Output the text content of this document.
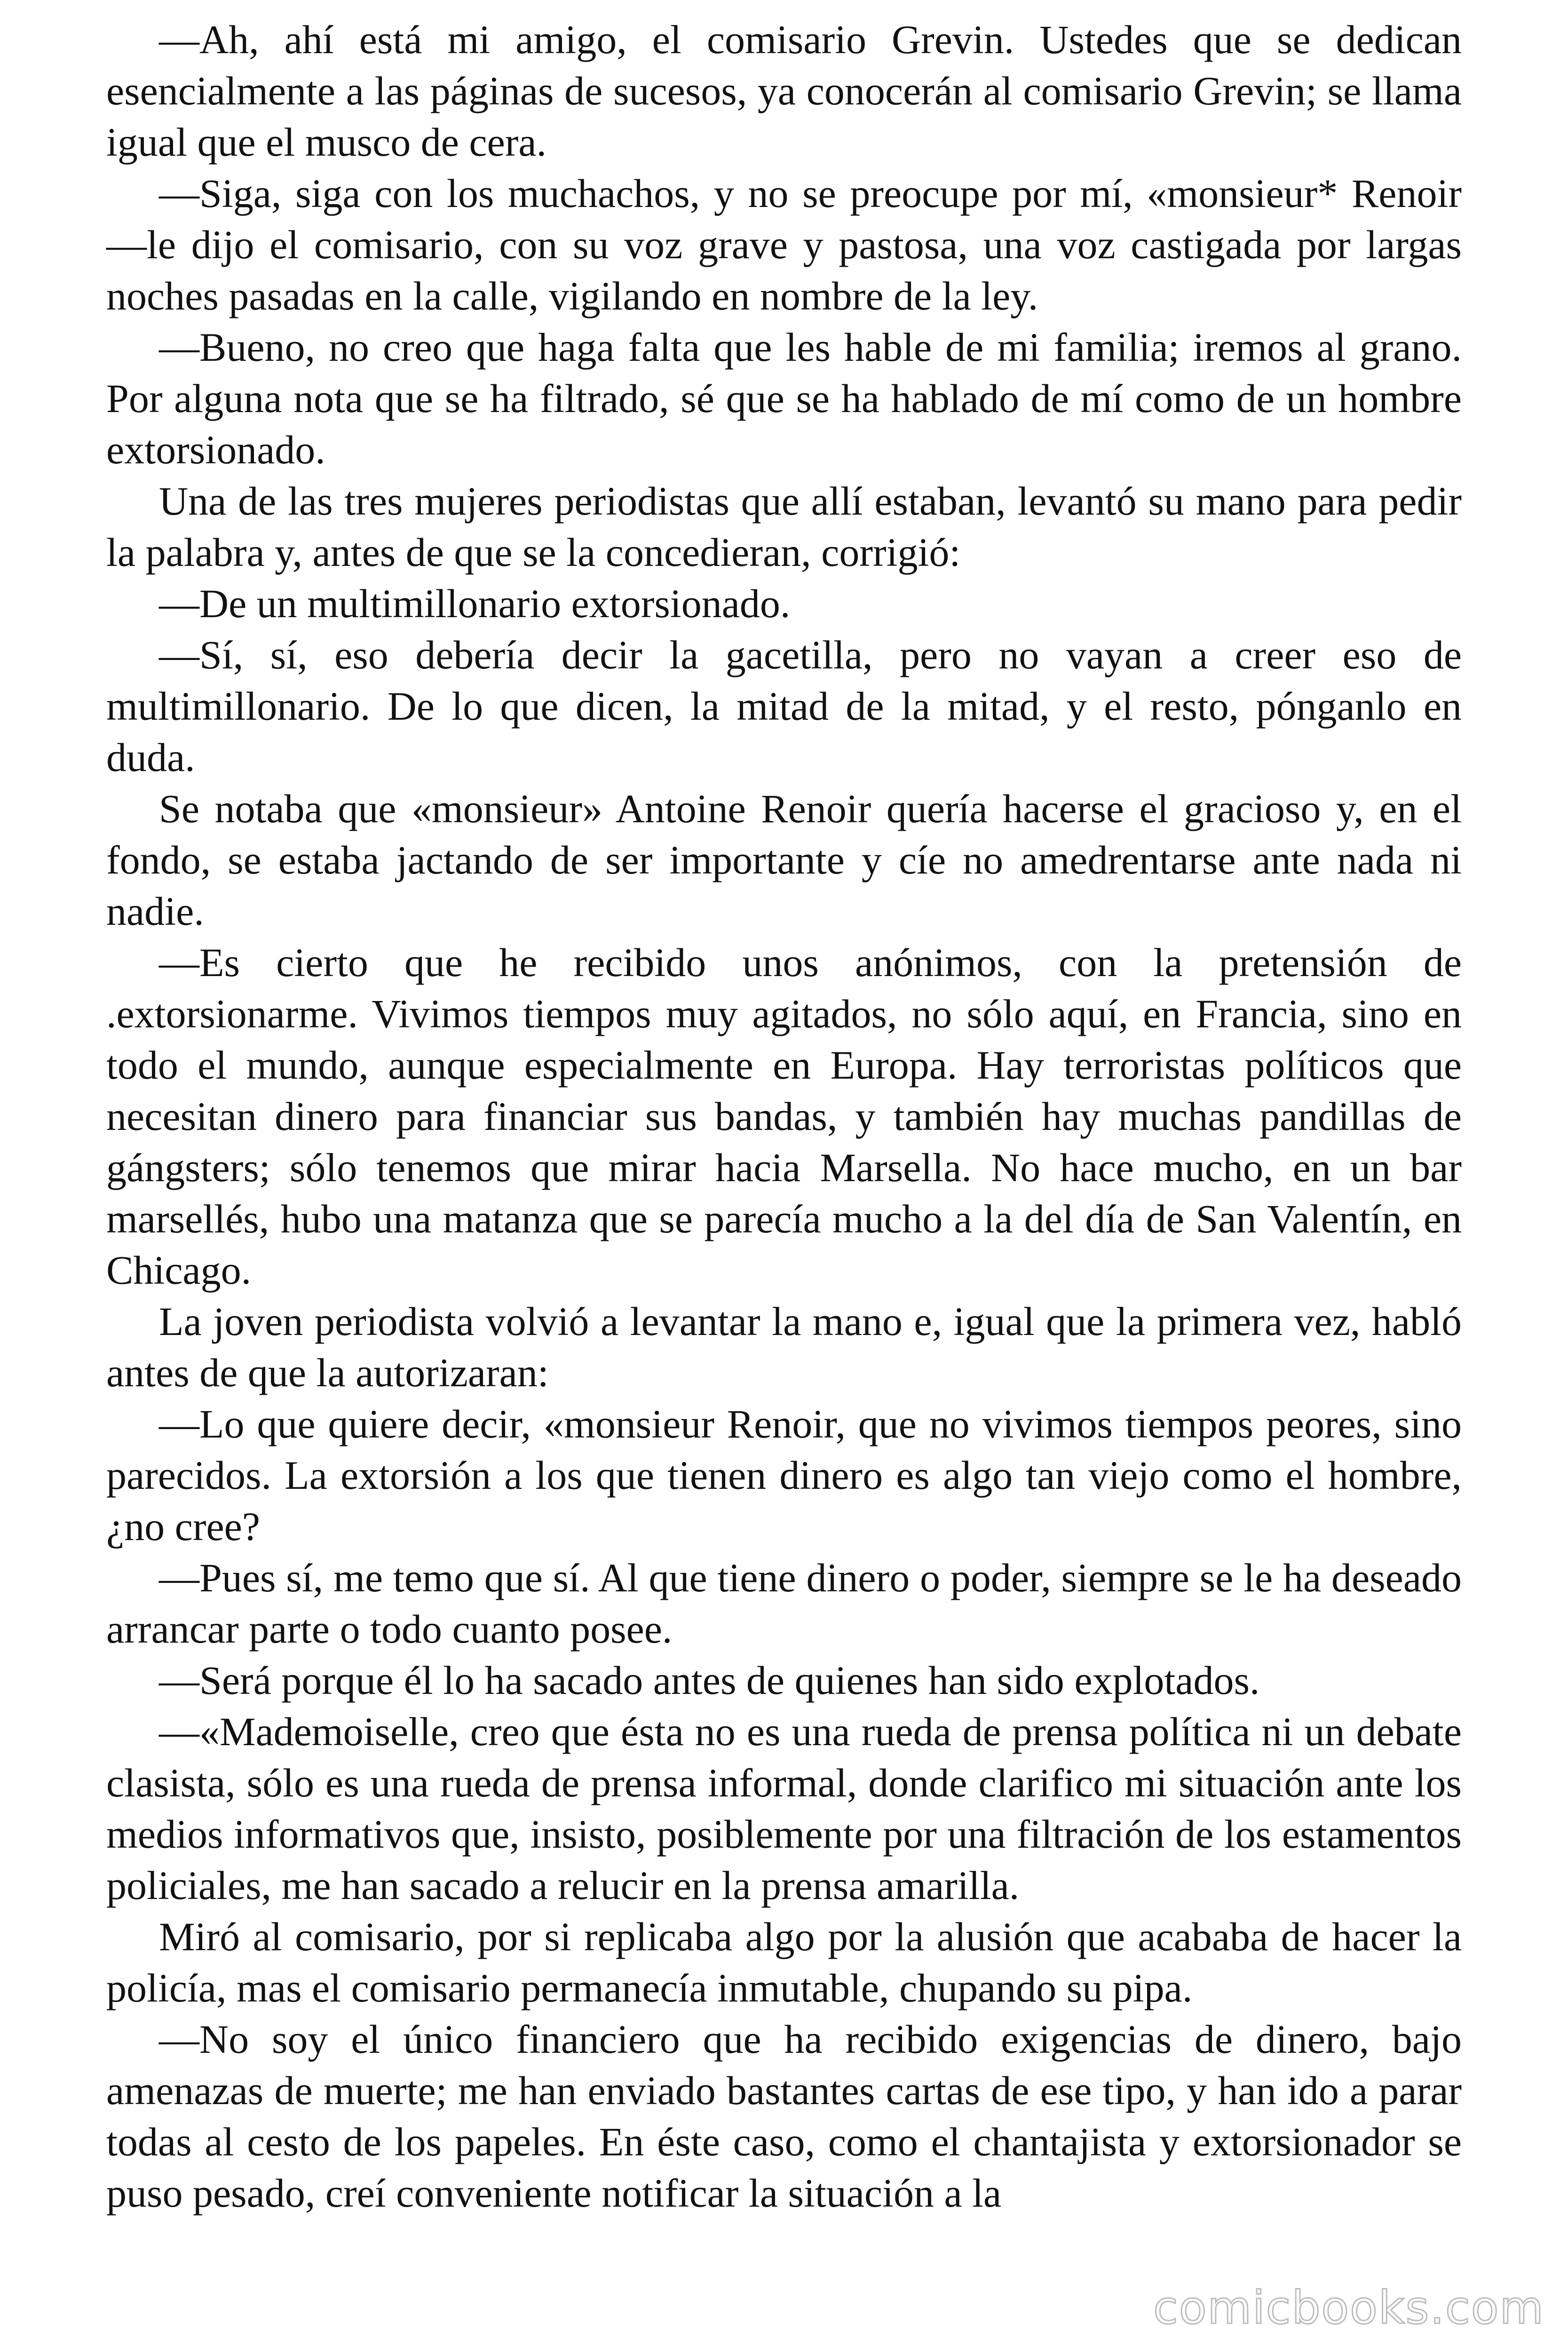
—Ah, ahí está mi amigo, el comisario Grevin. Ustedes que se dedican esencialmente a las páginas de sucesos, ya conocerán al comisario Grevin; se llama igual que el musco de cera.

—Siga, siga con los muchachos, y no se preocupe por mí, «monsieur* Renoir —le dijo el comisario, con su voz grave y pastosa, una voz castigada por largas noches pasadas en la calle, vigilando en nombre de la ley.

—Bueno, no creo que haga falta que les hable de mi familia; iremos al grano. Por alguna nota que se ha filtrado, sé que se ha hablado de mí como de un hombre extorsionado.

Una de las tres mujeres periodistas que allí estaban, levantó su mano para pedir la palabra y, antes de que se la concedieran, corrigió:

—De un multimillonario extorsionado.

—Sí, sí, eso debería decir la gacetilla, pero no vayan a creer eso de multimillonario. De lo que dicen, la mitad de la mitad, y el resto, pónganlo en duda.

Se notaba que «monsieur» Antoine Renoir quería hacerse el gracioso y, en el fondo, se estaba jactando de ser importante y cíe no amedrentarse ante nada ni nadie.

—Es cierto que he recibido unos anónimos, con la pretensión de .extorsionarme. Vivimos tiempos muy agitados, no sólo aquí, en Francia, sino en todo el mundo, aunque especialmente en Europa. Hay terroristas políticos que necesitan dinero para financiar sus bandas, y también hay muchas pandillas de gángsters; sólo tenemos que mirar hacia Marsella. No hace mucho, en un bar marsellés, hubo una matanza que se parecía mucho a la del día de San Valentín, en Chicago.

La joven periodista volvió a levantar la mano e, igual que la primera vez, habló antes de que la autorizaran:

—Lo que quiere decir, «monsieur Renoir, que no vivimos tiempos peores, sino parecidos. La extorsión a los que tienen dinero es algo tan viejo como el hombre, ¿no cree?

—Pues sí, me temo que sí. Al que tiene dinero o poder, siempre se le ha deseado arrancar parte o todo cuanto posee.

—Será porque él lo ha sacado antes de quienes han sido explotados.

—«Mademoiselle, creo que ésta no es una rueda de prensa política ni un debate clasista, sólo es una rueda de prensa informal, donde clarifico mi situación ante los medios informativos que, insisto, posiblemente por una filtración de los estamentos policiales, me han sacado a relucir en la prensa amarilla.

Miró al comisario, por si replicaba algo por la alusión que acababa de hacer la policía, mas el comisario permanecía inmutable, chupando su pipa.

—No soy el único financiero que ha recibido exigencias de dinero, bajo amenazas de muerte; me han enviado bastantes cartas de ese tipo, y han ido a parar todas al cesto de los papeles. En éste caso, como el chantajista y extorsionador se puso pesado, creí conveniente notificar la situación a la

comicbooks.com
